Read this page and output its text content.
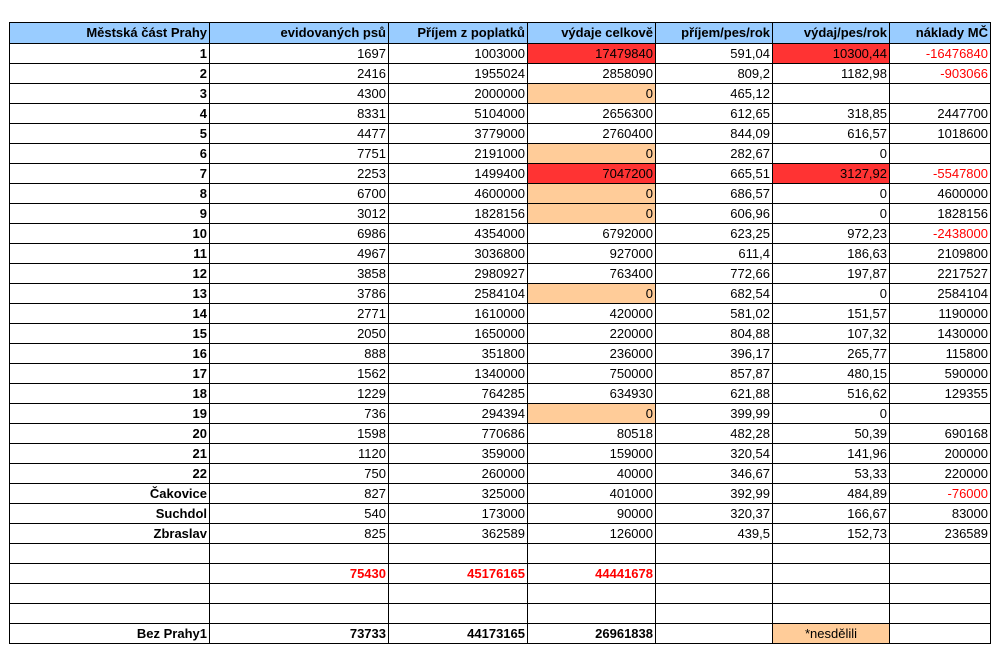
Městská část Prahy	evidovaných psů	Příjem z poplatků	výdaje celkově	příjem/pes/rok	výdaj/pes/rok	náklady MČ
1	1697	1003000	17479840	591,04	10300,44	-16476840
2	2416	1955024	2858090	809,2	1182,98	-903066
3	4300	2000000	0	465,12		
4	8331	5104000	2656300	612,65	318,85	2447700
5	4477	3779000	2760400	844,09	616,57	1018600
6	7751	2191000	0	282,67	0	
7	2253	1499400	7047200	665,51	3127,92	-5547800
8	6700	4600000	0	686,57	0	4600000
9	3012	1828156	0	606,96	0	1828156
10	6986	4354000	6792000	623,25	972,23	-2438000
11	4967	3036800	927000	611,4	186,63	2109800
12	3858	2980927	763400	772,66	197,87	2217527
13	3786	2584104	0	682,54	0	2584104
14	2771	1610000	420000	581,02	151,57	1190000
15	2050	1650000	220000	804,88	107,32	1430000
16	888	351800	236000	396,17	265,77	115800
17	1562	1340000	750000	857,87	480,15	590000
18	1229	764285	634930	621,88	516,62	129355
19	736	294394	0	399,99	0	
20	1598	770686	80518	482,28	50,39	690168
21	1120	359000	159000	320,54	141,96	200000
22	750	260000	40000	346,67	53,33	220000
Čakovice	827	325000	401000	392,99	484,89	-76000
Suchdol	540	173000	90000	320,37	166,67	83000
Zbraslav	825	362589	126000	439,5	152,73	236589

	75430	45176165	44441678			

Bez Prahy1	73733	44173165	26961838		*nesdělili	
